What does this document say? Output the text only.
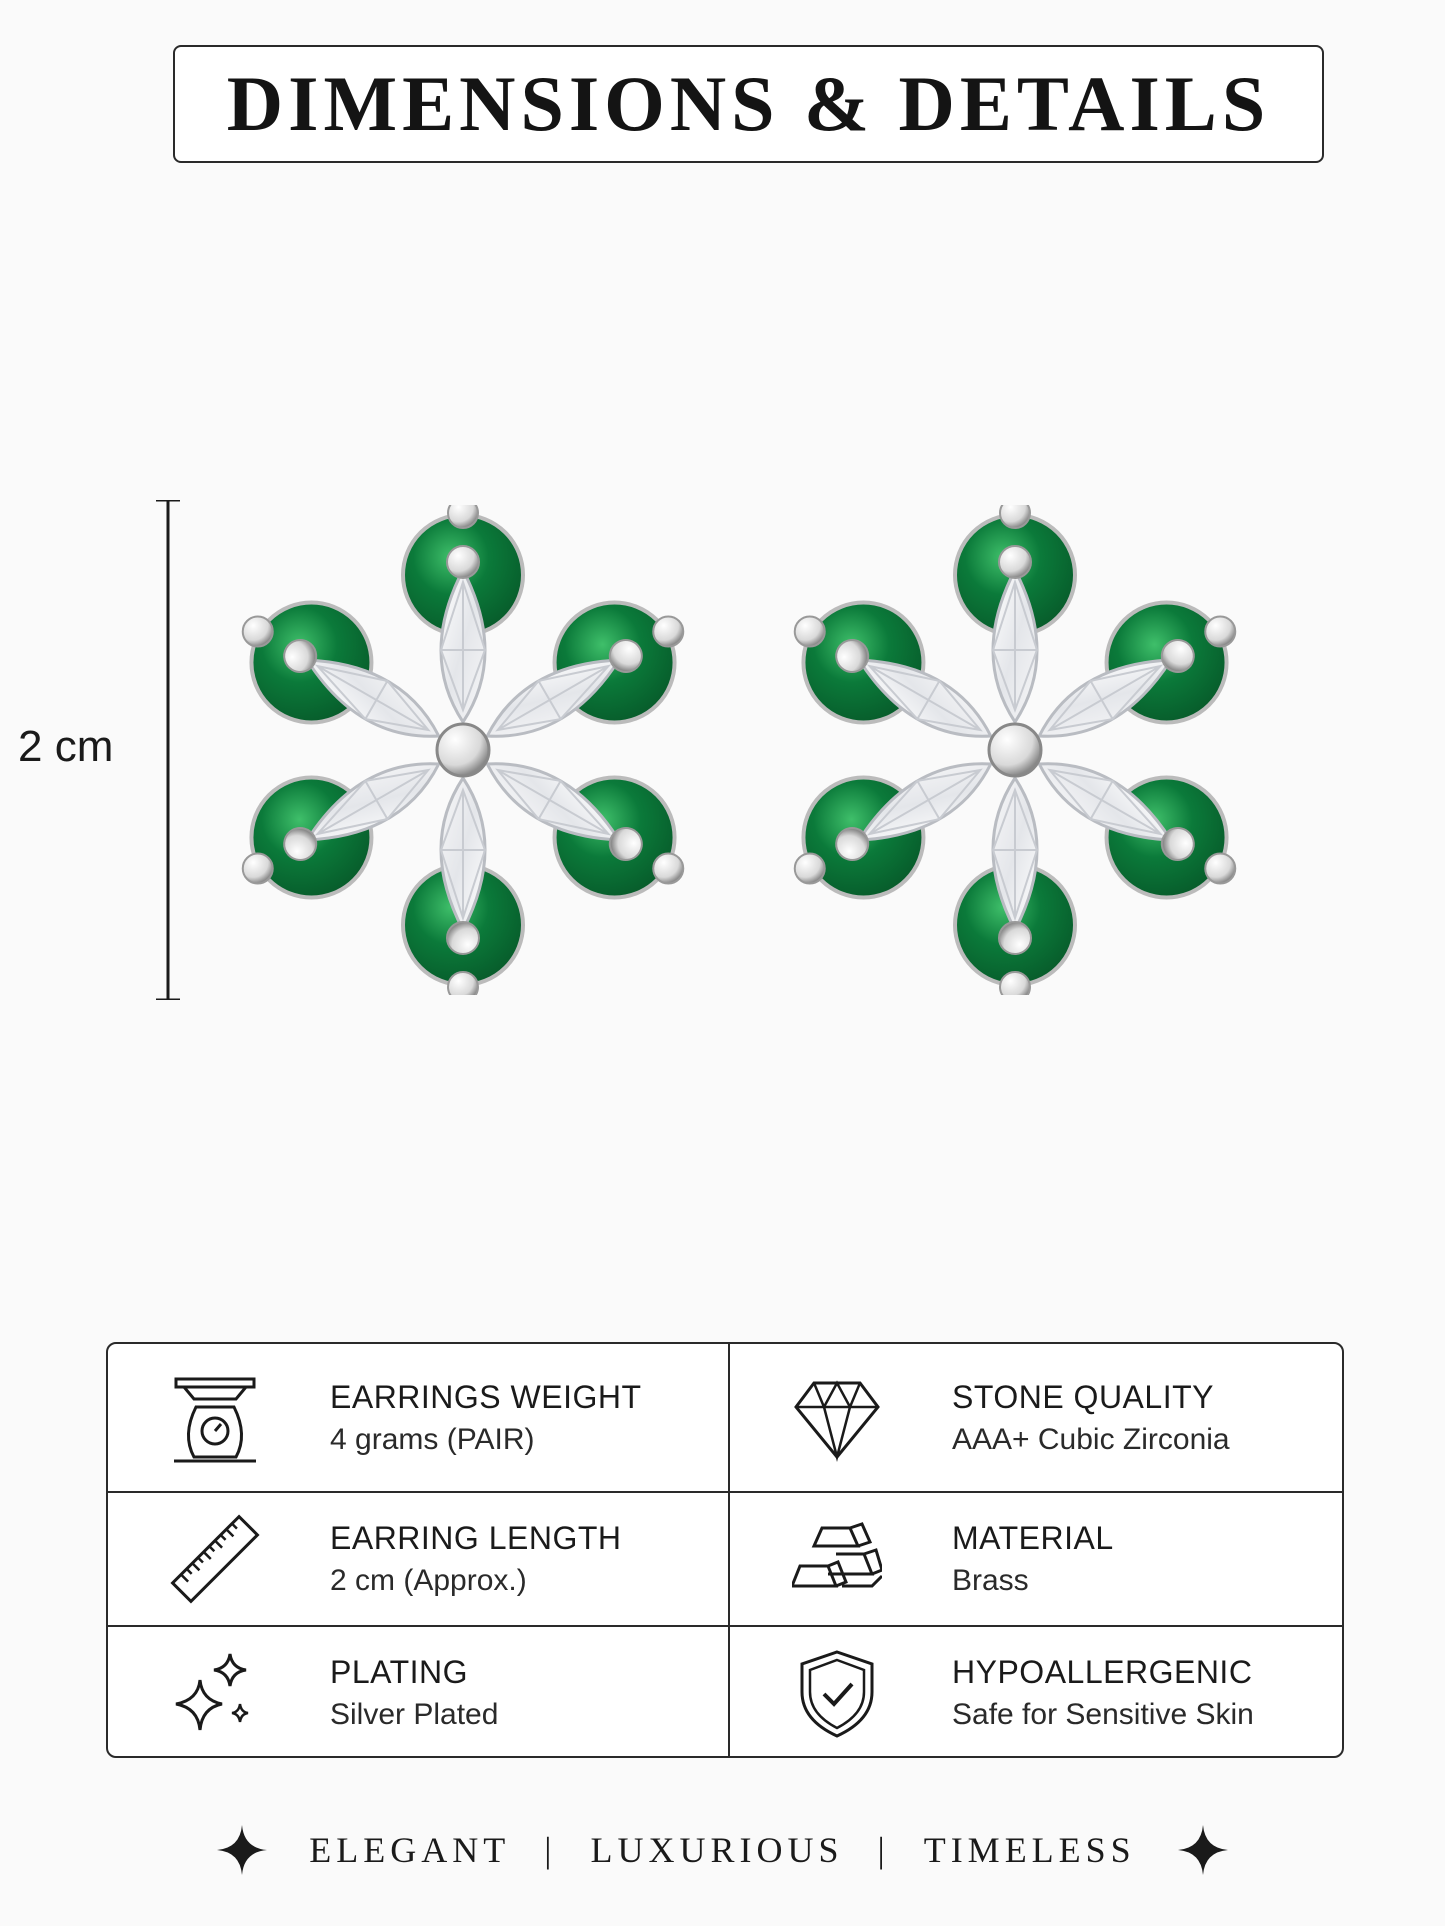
DIMENSIONS & DETAILS
2 cm
EARRINGS WEIGHT
4 grams (PAIR)
STONE QUALITY
AAA+ Cubic Zirconia
EARRING LENGTH
2 cm (Approx.)
MATERIAL
Brass
PLATING
Silver Plated
HYPOALLERGENIC
Safe for Sensitive Skin
ELEGANT | LUXURIOUS | TIMELESS
